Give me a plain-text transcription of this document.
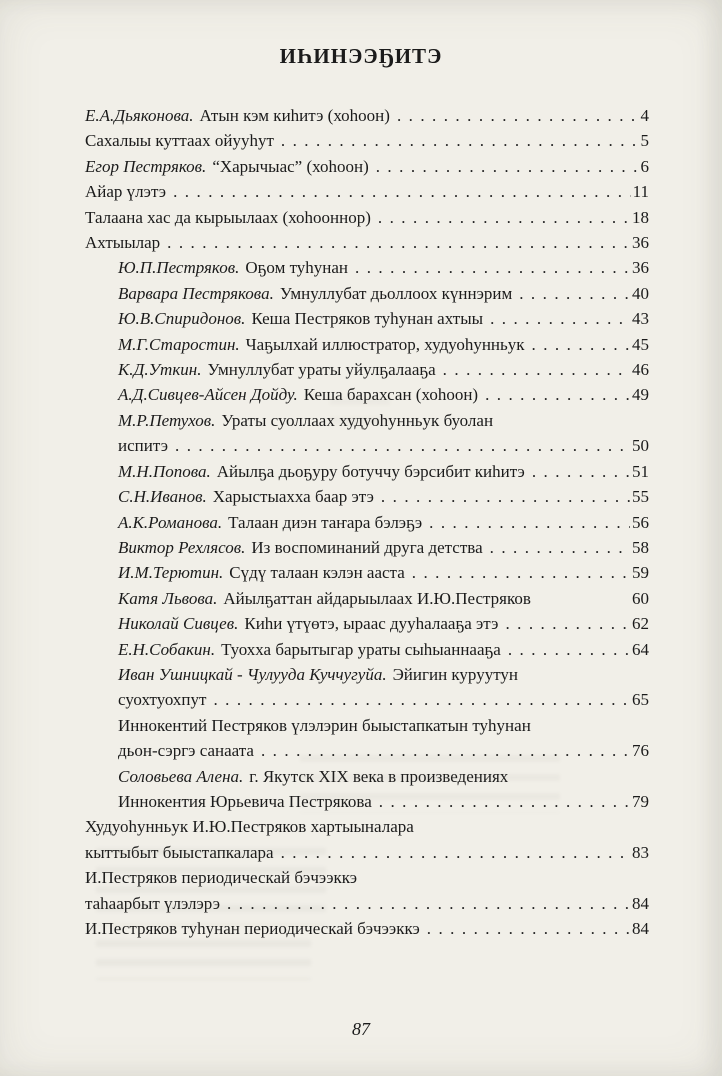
ИҺИНЭЭҔИТЭ
Е.А.Дьяконова. Атын кэм киһитэ (хоһоон) . . .	4
Сахалыы куттаах ойууһут . . .	5
Егор Пестряков. “Харычыас” (хоһоон) . . .	6
Айар үлэтэ . . .	11
Талаана хас да кырыылаах (хоһооннор) . . .	18
Ахтыылар . . .	36
Ю.П.Пестряков. Оҕом туһунан . . .	36
Варвара Пестрякова. Умнуллубат дьоллоох күннэрим . . .	40
Ю.В.Спиридонов. Кеша Пестряков туһунан ахтыы . . .	43
М.Г.Старостин. Чаҕылхай иллюстратор, худуоһунньук . . .	45
К.Д.Уткин. Умнуллубат ураты уйулҕалааҕа . . .	46
А.Д.Сивцев-Айсен Дойду. Кеша барахсан (хоһоон) . . .	49
М.Р.Петухов. Ураты суоллаах худуоһунньук буолан
испитэ . . .	50
М.Н.Попова. Айылҕа дьоҕуру ботуччу бэрсибит киһитэ . . .	51
С.Н.Иванов. Харыстыахха баар этэ . . .	55
А.К.Романова. Талаан диэн таҥара бэлэҕэ . . .	56
Виктор Рехлясов. Из воспоминаний друга детства . . .	58
И.М.Терютин. Сүдү талаан кэлэн ааста . . .	59
Катя Львова. Айылҕаттан айдарыылаах И.Ю.Пестряков	60
Николай Сивцев. Киһи үтүөтэ, ыраас дууһалааҕа этэ . . .	62
Е.Н.Собакин. Туохха барытыгар ураты сыһыаннааҕа . . .	64
Иван Ушницкай - Чулууда Куччугуйа. Эйигин куруутун
суохтуохпут . . .	65
Иннокентий Пестряков үлэлэрин быыстапкатын туһунан
дьон-сэргэ санаата . . .	76
Соловьева Алена. г. Якутск XIX века в произведениях
Иннокентия Юрьевича Пестрякова . . .	79
Худуоһунньук И.Ю.Пестряков хартыыналара
кыттыбыт быыстапкалара . . .	83
И.Пестряков периодическай бэчээккэ
таһаарбыт үлэлэрэ . . .	84
И.Пестряков туһунан периодическай бэчээккэ . . .	84
87
